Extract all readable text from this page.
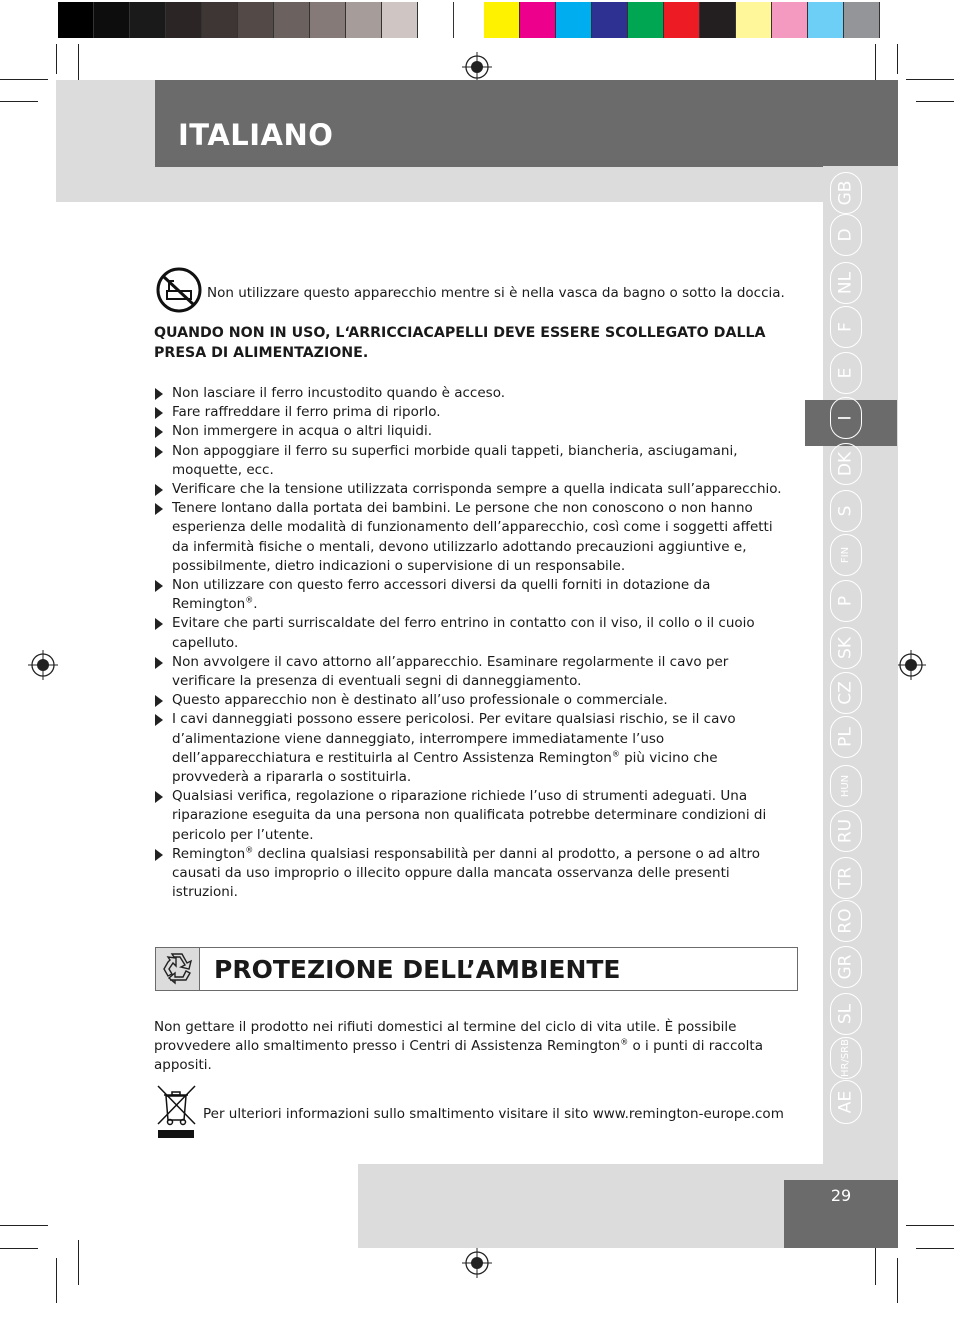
ITALIANO
GB
D
NL
F
E
I
DK
S
FIN
P
SK
CZ
PL
HUN
RU
TR
RO
GR
SL
HR/SRB
AE
Non utilizzare questo apparecchio mentre si è nella vasca da bagno o sotto la doccia.
QUANDO NON IN USO, L‘ARRICCIACAPELLI DEVE ESSERE SCOLLEGATO DALLA PRESA DI ALIMENTAZIONE.
Non lasciare il ferro incustodito quando è acceso.
Fare raffreddare il ferro prima di riporlo.
Non immergere in acqua o altri liquidi.
Non appoggiare il ferro su superfici morbide quali tappeti, biancheria, asciugamani, moquette, ecc.
Verificare che la tensione utilizzata corrisponda sempre a quella indicata sull’apparecchio.
Tenere lontano dalla portata dei bambini. Le persone che non conoscono o non hanno esperienza delle modalità di funzionamento dell’apparecchio, così come i soggetti affetti da infermità fisiche o mentali, devono utilizzarlo adottando precauzioni aggiuntive e, possibilmente, dietro indicazioni o supervisione di un responsabile.
Non utilizzare con questo ferro accessori diversi da quelli forniti in dotazione da Remington®.
Evitare che parti surriscaldate del ferro entrino in contatto con il viso, il collo o il cuoio capelluto.
Non avvolgere il cavo attorno all’apparecchio. Esaminare regolarmente il cavo per verificare la presenza di eventuali segni di danneggiamento.
Questo apparecchio non è destinato all’uso professionale o commerciale.
I cavi danneggiati possono essere pericolosi. Per evitare qualsiasi rischio, se il cavo d’alimentazione viene danneggiato, interrompere immediatamente l’uso dell’apparecchiatura e restituirla al Centro Assistenza Remington® più vicino che provvederà a ripararla o sostituirla.
Qualsiasi verifica, regolazione o riparazione richiede l’uso di strumenti adeguati. Una riparazione eseguita da una persona non qualificata potrebbe determinare condizioni di pericolo per l’utente.
Remington® declina qualsiasi responsabilità per danni al prodotto, a persone o ad altro causati da uso improprio o illecito oppure dalla mancata osservanza delle presenti istruzioni.
PROTEZIONE DELL’AMBIENTE
Non gettare il prodotto nei rifiuti domestici al termine del ciclo di vita utile. È possibile provvedere allo smaltimento presso i Centri di Assistenza Remington® o i punti di raccolta appositi.
Per ulteriori informazioni sullo smaltimento visitare il sito www.remington-europe.com
29
